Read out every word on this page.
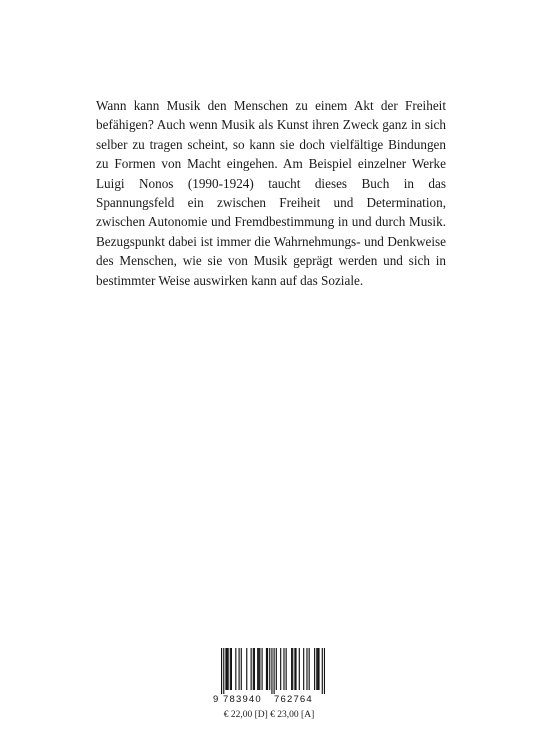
Wann kann Musik den Menschen zu einem Akt der Freiheit befähigen? Auch wenn Musik als Kunst ihren Zweck ganz in sich selber zu tragen scheint, so kann sie doch vielfältige Bindungen zu Formen von Macht eingehen. Am Beispiel einzelner Werke Luigi Nonos (1990-1924) taucht dieses Buch in das Spannungsfeld ein zwischen Freiheit und Determination, zwischen Autonomie und Fremdbestimmung in und durch Musik. Bezugspunkt dabei ist immer die Wahrnehmungs- und Denkweise des Menschen, wie sie von Musik geprägt werden und sich in bestimmter Weise auswirken kann auf das Soziale.

9 783940 762764
€ 22,00 [D] € 23,00 [A]
